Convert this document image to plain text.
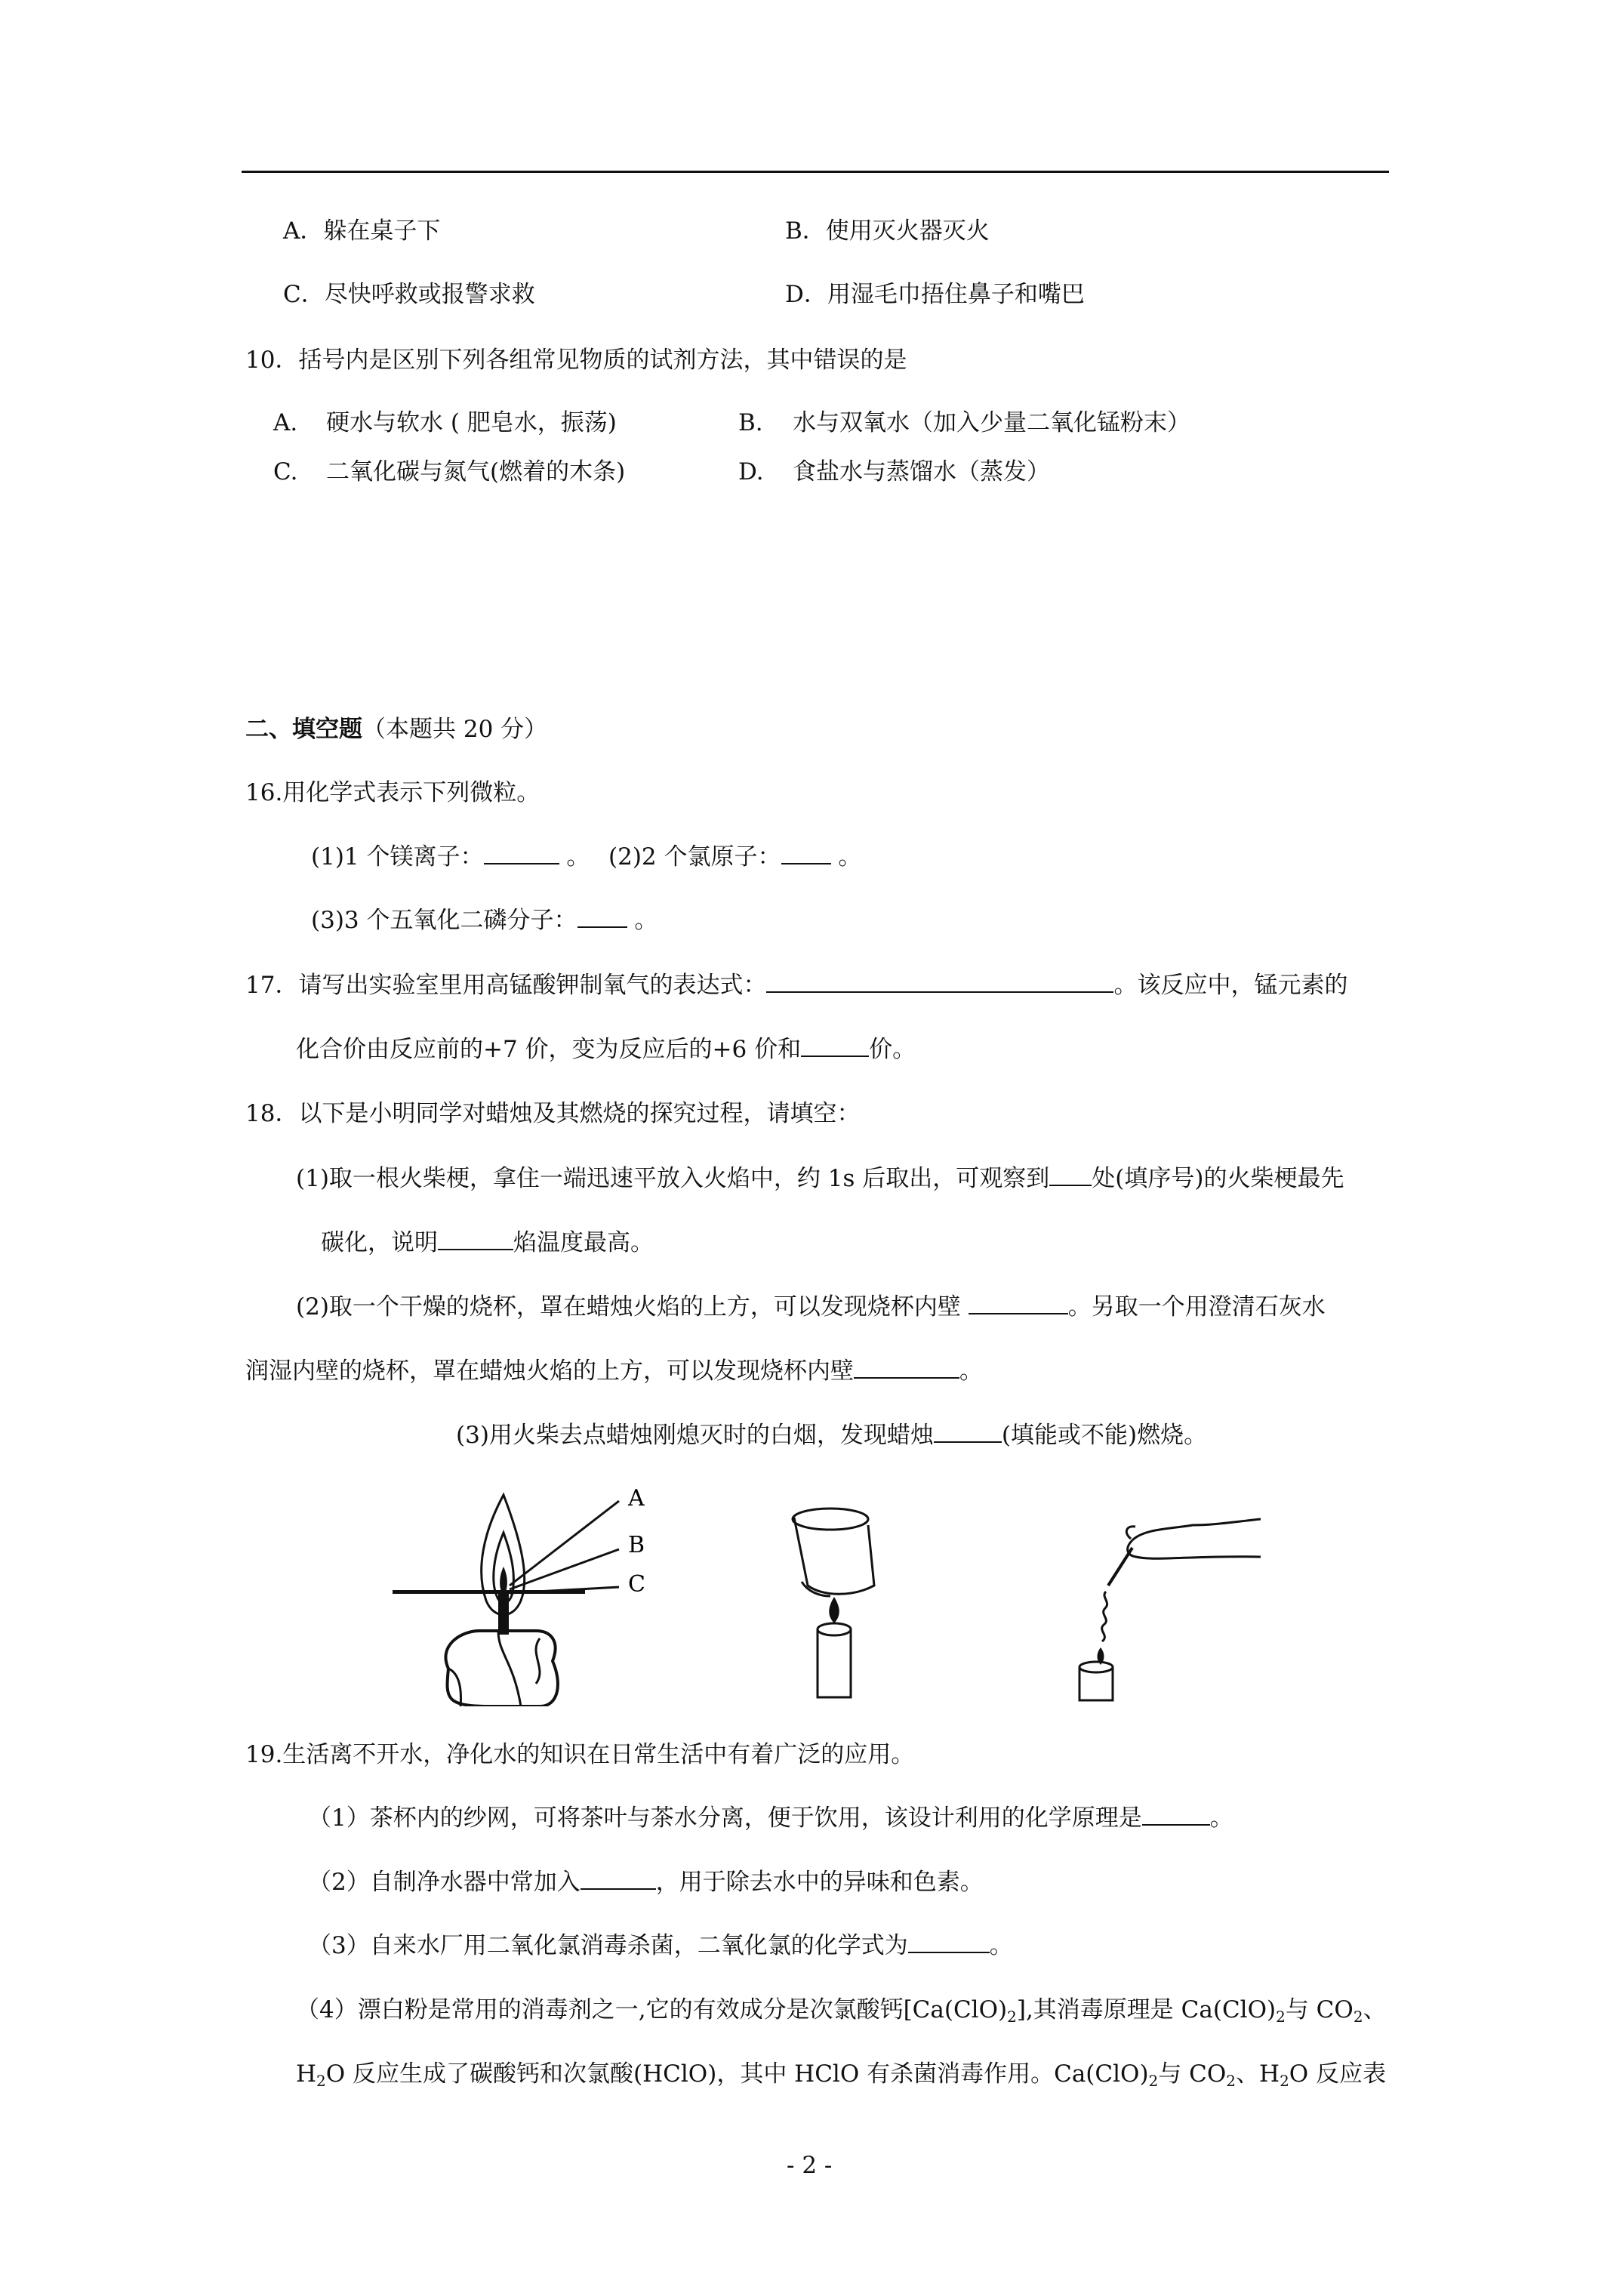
A．躲在桌子下	B．使用灭火器灭火
C．尽快呼救或报警求救	D．用湿毛巾捂住鼻子和嘴巴
10．括号内是区别下列各组常见物质的试剂方法，其中错误的是
A. 硬水与软水 ( 肥皂水，振荡)	B. 水与双氧水（加入少量二氧化锰粉末）
C. 二氧化碳与氮气(燃着的木条)	D. 食盐水与蒸馏水（蒸发）
二、填空题（本题共 20 分）
16.用化学式表示下列微粒。
(1)1 个镁离子：	。 (2)2 个氯原子： 。
(3)3 个五氧化二磷分子： 。
17．请写出实验室里用高锰酸钾制氧气的表达式：	。该反应中，锰元素的
化合价由反应前的+7 价，变为反应后的+6 价和	价。
18．以下是小明同学对蜡烛及其燃烧的探究过程，请填空：
(1)取一根火柴梗，拿住一端迅速平放入火焰中，约 1s 后取出，可观察到 处(填序号)的火柴梗最先
碳化，说明	焰温度最高。
(2)取一个干燥的烧杯，罩在蜡烛火焰的上方，可以发现烧杯内壁	。另取一个用澄清石灰水
润湿内壁的烧杯，罩在蜡烛火焰的上方，可以发现烧杯内壁	。
(3)用火柴去点蜡烛刚熄灭时的白烟，发现蜡烛	(填能或不能)燃烧。
A
B
C
19.生活离不开水，净化水的知识在日常生活中有着广泛的应用。
（1）茶杯内的纱网，可将茶叶与茶水分离，便于饮用，该设计利用的化学原理是	。
（2）自制净水器中常加入	，用于除去水中的异味和色素。
（3）自来水厂用二氧化氯消毒杀菌，二氧化氯的化学式为	。
（4）漂白粉是常用的消毒剂之一,它的有效成分是次氯酸钙$[Ca(ClO)_2]$,其消毒原理是 $Ca(ClO)_2$与 $CO_2$、
$H_2O$ 反应生成了碳酸钙和次氯酸(HClO)，其中 HClO 有杀菌消毒作用。$Ca(ClO)_2$与 $CO_2$、$H_2O$ 反应表
- 2 -
